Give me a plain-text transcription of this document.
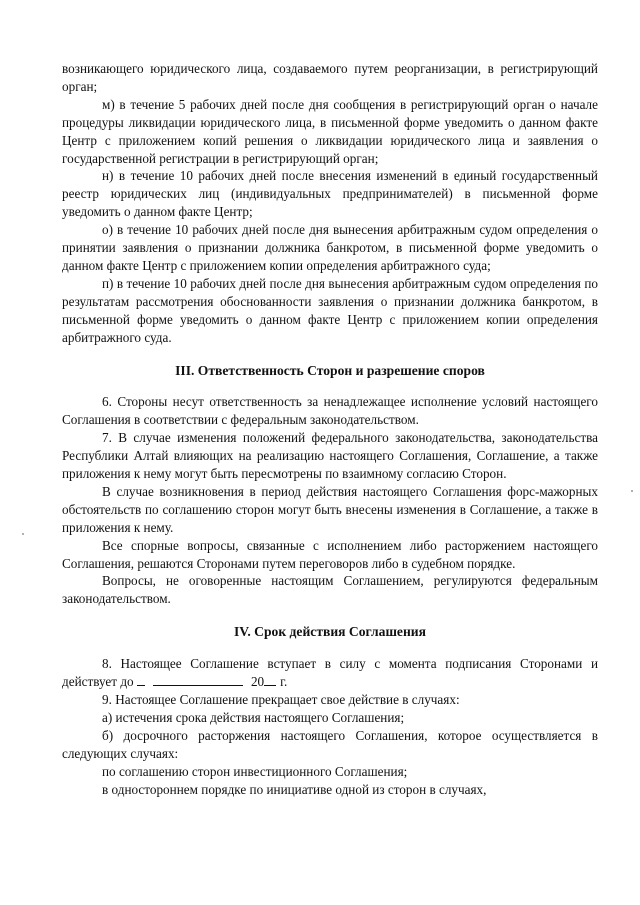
возникающего юридического лица, создаваемого путем реорганизации, в регистрирующий орган;

м) в течение 5 рабочих дней после дня сообщения в регистрирующий орган о начале процедуры ликвидации юридического лица, в письменной форме уведомить о данном факте Центр с приложением копий решения о ликвидации юридического лица и заявления о государственной регистрации в регистрирующий орган;

н) в течение 10 рабочих дней после внесения изменений в единый государственный реестр юридических лиц (индивидуальных предпринимателей) в письменной форме уведомить о данном факте Центр;

о) в течение 10 рабочих дней после дня вынесения арбитражным судом определения о принятии заявления о признании должника банкротом, в письменной форме уведомить о данном факте Центр с приложением копии определения арбитражного суда;

п) в течение 10 рабочих дней после дня вынесения арбитражным судом определения по результатам рассмотрения обоснованности заявления о признании должника банкротом, в письменной форме уведомить о данном факте Центр с приложением копии определения арбитражного суда.

III. Ответственность Сторон и разрешение споров

6. Стороны несут ответственность за ненадлежащее исполнение условий настоящего Соглашения в соответствии с федеральным законодательством.

7. В случае изменения положений федерального законодательства, законодательства Республики Алтай влияющих на реализацию настоящего Соглашения, Соглашение, а также приложения к нему могут быть пересмотрены по взаимному согласию Сторон.

В случае возникновения в период действия настоящего Соглашения форс-мажорных обстоятельств по соглашению сторон могут быть внесены изменения в Соглашение, а также в приложения к нему.

Все спорные вопросы, связанные с исполнением либо расторжением настоящего Соглашения, решаются Сторонами путем переговоров либо в судебном порядке.

Вопросы, не оговоренные настоящим Соглашением, регулируются федеральным законодательством.

IV. Срок действия Соглашения

8. Настоящее Соглашение вступает в силу с момента подписания Сторонами и действует до	20 г.

9. Настоящее Соглашение прекращает свое действие в случаях:

а) истечения срока действия настоящего Соглашения;

б) досрочного расторжения настоящего Соглашения, которое осуществляется в следующих случаях:

по соглашению сторон инвестиционного Соглашения;

в одностороннем порядке по инициативе одной из сторон в случаях,
